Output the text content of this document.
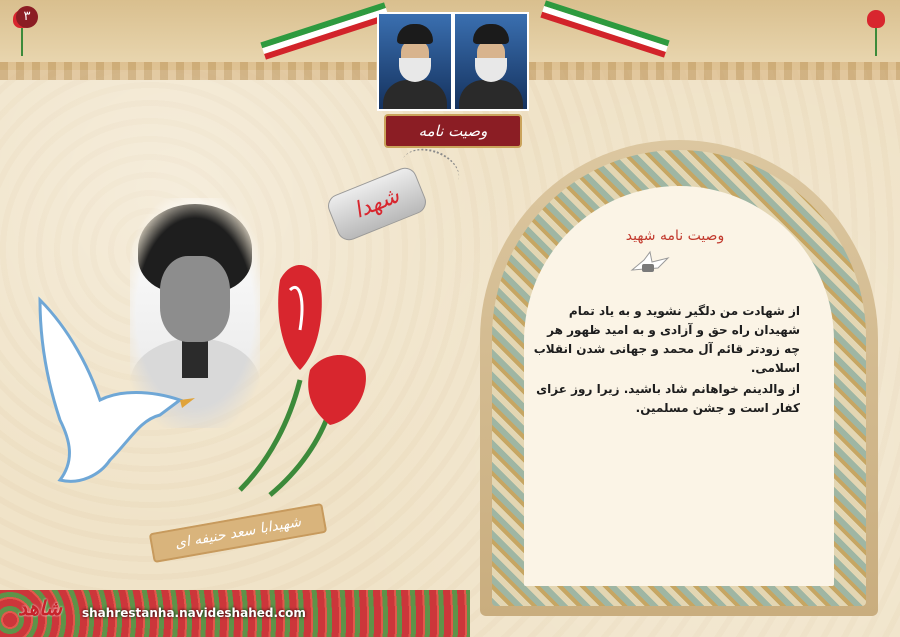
۳
وصیت نامه
وصیت نامه شهید

از شهادت من دلگیر نشوید و به یاد تمام شهیدان راه حق و آزادی و به امید ظهور هر چه زودتر قائم آل محمد و جهانی شدن انقلاب اسلامی.

از والدینم خواهانم شاد باشید. زیرا روز عزای کفار است و جشن مسلمین.

شهدا
شهیدابا سعد حنیفه ای
شاهد	shahrestanha.navideshahed.com
